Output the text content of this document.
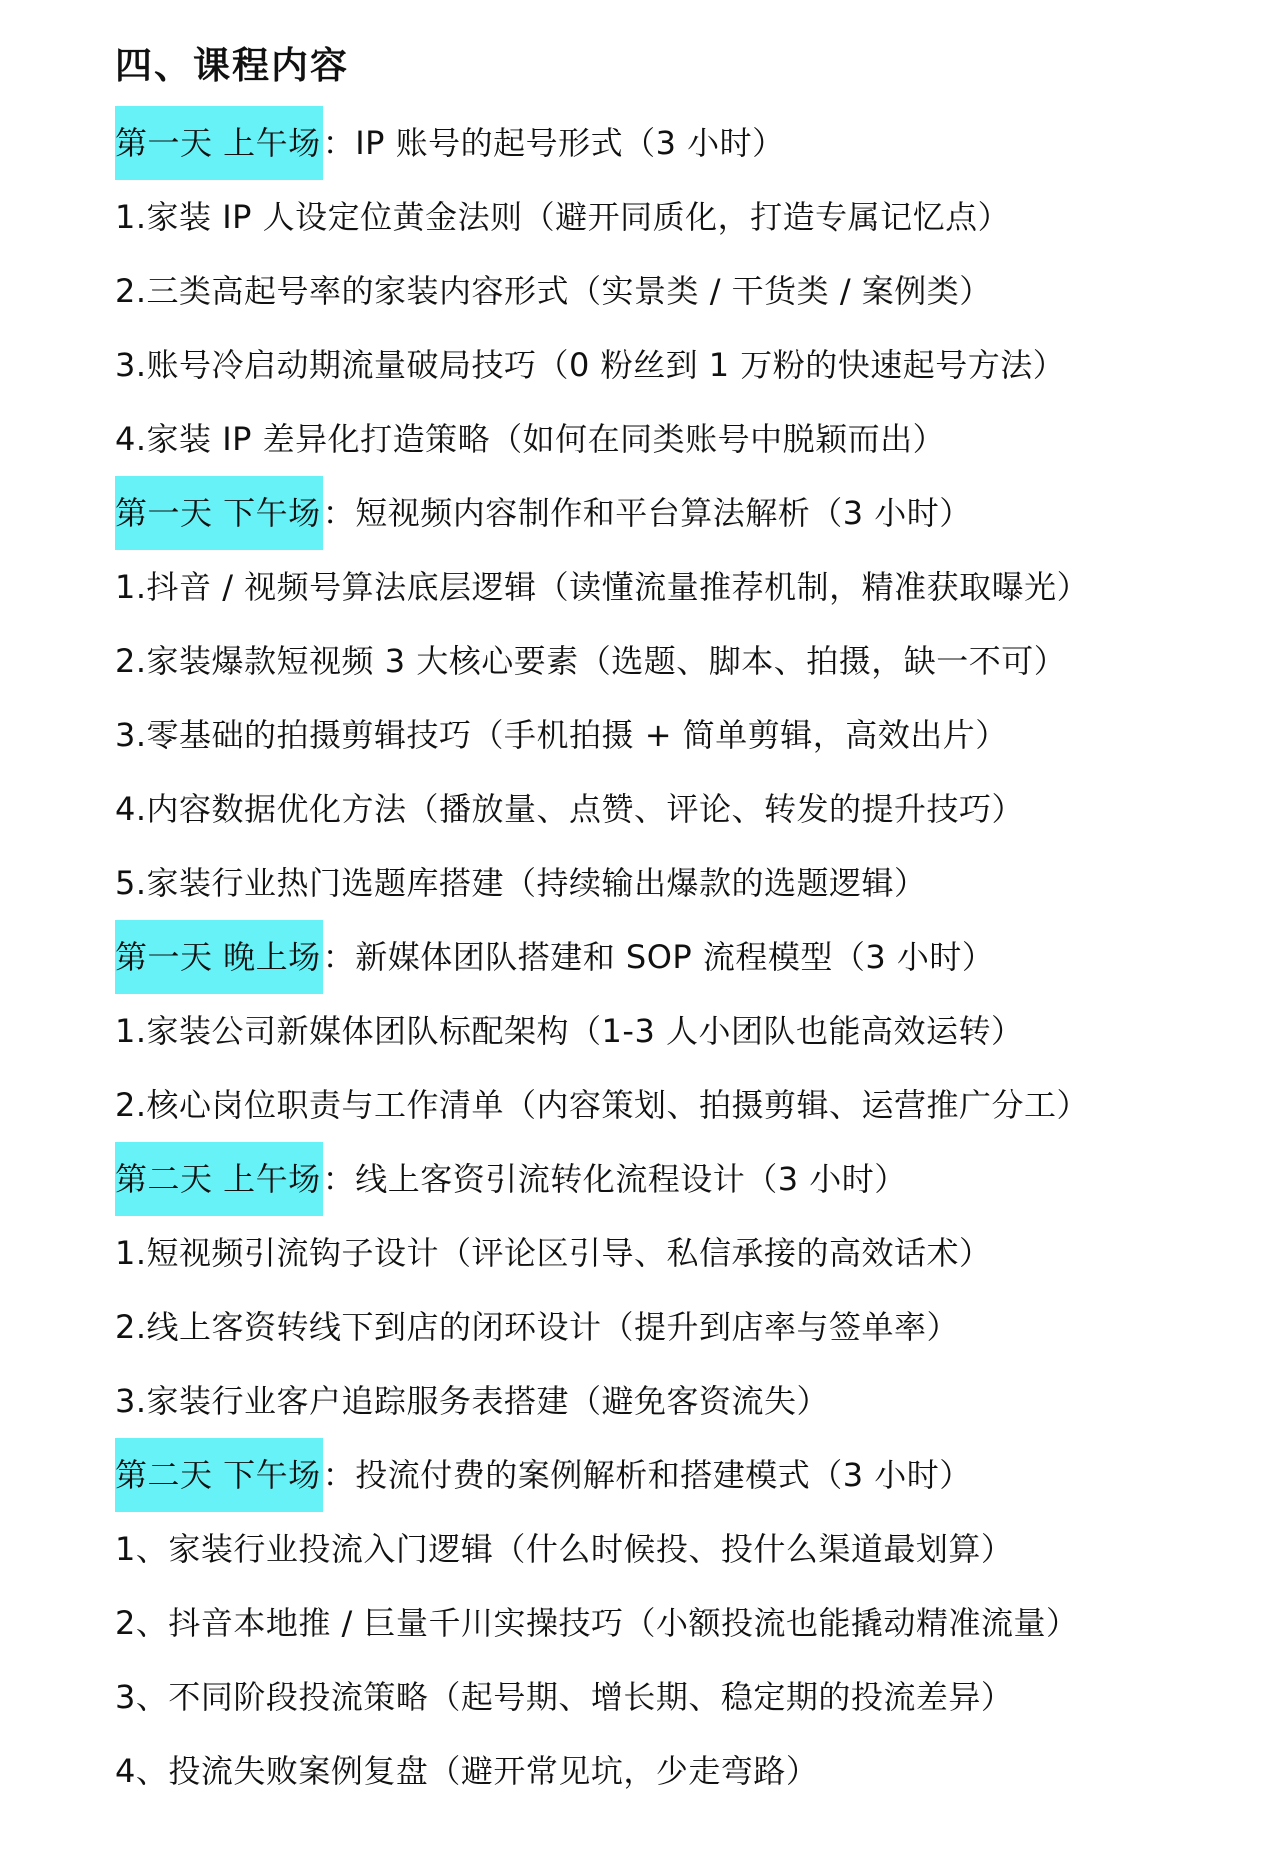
四、课程内容
第一天 上午场：IP 账号的起号形式（3 小时）
1.家装 IP 人设定位黄金法则（避开同质化，打造专属记忆点）
2.三类高起号率的家装内容形式（实景类 / 干货类 / 案例类）
3.账号冷启动期流量破局技巧（0 粉丝到 1 万粉的快速起号方法）
4.家装 IP 差异化打造策略（如何在同类账号中脱颖而出）
第一天 下午场：短视频内容制作和平台算法解析（3 小时）
1.抖音 / 视频号算法底层逻辑（读懂流量推荐机制，精准获取曝光）
2.家装爆款短视频 3 大核心要素（选题、脚本、拍摄，缺一不可）
3.零基础的拍摄剪辑技巧（手机拍摄 + 简单剪辑，高效出片）
4.内容数据优化方法（播放量、点赞、评论、转发的提升技巧）
5.家装行业热门选题库搭建（持续输出爆款的选题逻辑）
第一天 晚上场：新媒体团队搭建和 SOP 流程模型（3 小时）
1.家装公司新媒体团队标配架构（1-3 人小团队也能高效运转）
2.核心岗位职责与工作清单（内容策划、拍摄剪辑、运营推广分工）
第二天 上午场：线上客资引流转化流程设计（3 小时）
1.短视频引流钩子设计（评论区引导、私信承接的高效话术）
2.线上客资转线下到店的闭环设计（提升到店率与签单率）
3.家装行业客户追踪服务表搭建（避免客资流失）
第二天 下午场：投流付费的案例解析和搭建模式（3 小时）
1、家装行业投流入门逻辑（什么时候投、投什么渠道最划算）
2、抖音本地推 / 巨量千川实操技巧（小额投流也能撬动精准流量）
3、不同阶段投流策略（起号期、增长期、稳定期的投流差异）
4、投流失败案例复盘（避开常见坑，少走弯路）
